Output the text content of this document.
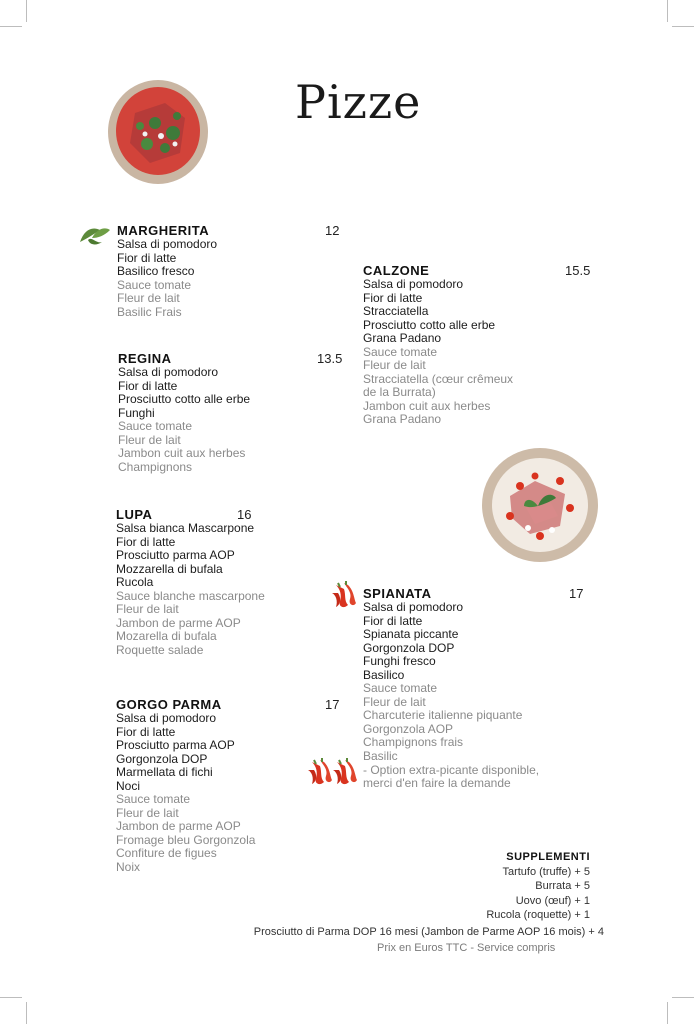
Pizze
MARGHERITA	12
Salsa di pomodoro
Fior di latte
Basilico fresco
Sauce tomate
Fleur de lait
Basilic Frais
REGINA	13.5
Salsa di pomodoro
Fior di latte
Prosciutto cotto alle erbe
Funghi
Sauce tomate
Fleur de lait
Jambon cuit aux herbes
Champignons
LUPA	16
Salsa bianca Mascarpone
Fior di latte
Prosciutto parma AOP
Mozzarella di bufala
Rucola
Sauce blanche mascarpone
Fleur de lait
Jambon de parme AOP
Mozarella di bufala
Roquette salade
GORGO PARMA	17
Salsa di pomodoro
Fior di latte
Prosciutto parma AOP
Gorgonzola DOP
Marmellata di fichi
Noci
Sauce tomate
Fleur de lait
Jambon de parme AOP
Fromage bleu Gorgonzola
Confiture de figues
Noix
CALZONE	15.5
Salsa di pomodoro
Fior di latte
Stracciatella
Prosciutto cotto alle erbe
Grana Padano
Sauce tomate
Fleur de lait
Stracciatella (cœur crêmeux
de la Burrata)
Jambon cuit aux herbes
Grana Padano
SPIANATA	17
Salsa di pomodoro
Fior di latte
Spianata piccante
Gorgonzola DOP
Funghi fresco
Basilico
Sauce tomate
Fleur de lait
Charcuterie italienne piquante
Gorgonzola AOP
Champignons frais
Basilic
- Option extra-picante disponible,
merci d'en faire la demande
SUPPLEMENTI
Tartufo (truffe) + 5
Burrata + 5
Uovo (œuf) + 1
Rucola (roquette) + 1
Prosciutto di Parma DOP 16 mesi (Jambon de Parme AOP 16 mois) + 4
Prix en Euros TTC - Service compris
